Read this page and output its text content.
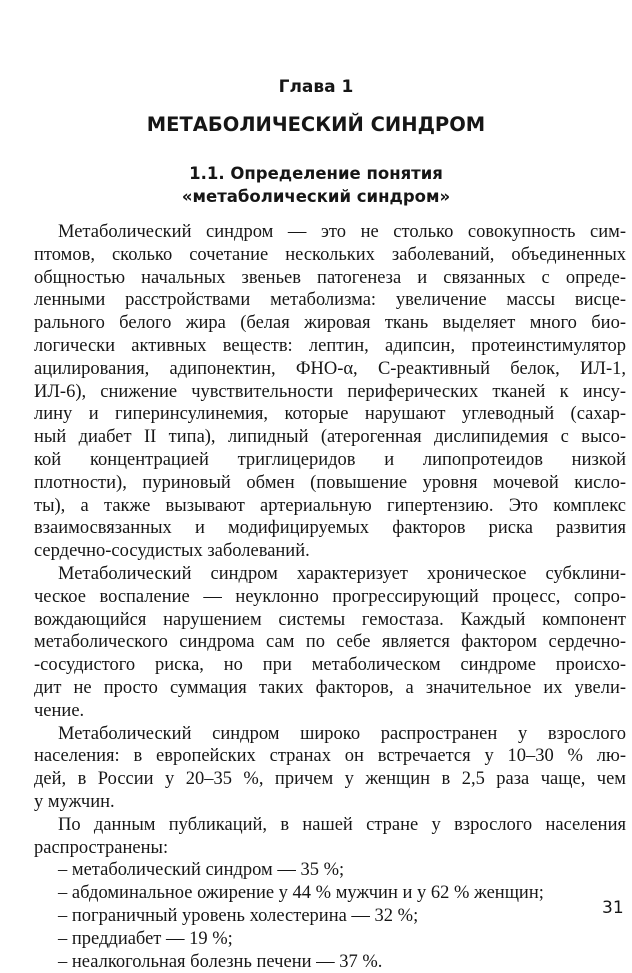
Глава 1
МЕТАБОЛИЧЕСКИЙ СИНДРОМ
1.1. Определение понятия
«метаболический синдром»
Метаболический синдром — это не столько совокупность сим-
птомов, сколько сочетание нескольких заболеваний, объединенных
общностью начальных звеньев патогенеза и связанных с опреде-
ленными расстройствами метаболизма: увеличение массы висце-
рального белого жира (белая жировая ткань выделяет много био-
логически активных веществ: лептин, адипсин, протеинстимулятор
ацилирования, адипонектин, ФНО-α, С-реактивный белок, ИЛ-1,
ИЛ-6), снижение чувствительности периферических тканей к инсу-
лину и гиперинсулинемия, которые нарушают углеводный (сахар-
ный диабет II типа), липидный (атерогенная дислипидемия с высо-
кой концентрацией триглицеридов и липопротеидов низкой
плотности), пуриновый обмен (повышение уровня мочевой кисло-
ты), а также вызывают артериальную гипертензию. Это комплекс
взаимосвязанных и модифицируемых факторов риска развития
сердечно-сосудистых заболеваний.
Метаболический синдром характеризует хроническое субклини-
ческое воспаление — неуклонно прогрессирующий процесс, сопро-
вождающийся нарушением системы гемостаза. Каждый компонент
метаболического синдрома сам по себе является фактором сердечно-
-сосудистого риска, но при метаболическом синдроме происхо-
дит не просто суммация таких факторов, а значительное их увели-
чение.
Метаболический синдром широко распространен у взрослого
населения: в европейских странах он встречается у 10–30 % лю-
дей, в России у 20–35 %, причем у женщин в 2,5 раза чаще, чем
у мужчин.
По данным публикаций, в нашей стране у взрослого населения
распространены:
– метаболический синдром — 35 %;
– абдоминальное ожирение у 44 % мужчин и у 62 % женщин;
– пограничный уровень холестерина — 32 %;
– преддиабет — 19 %;
– неалкогольная болезнь печени — 37 %.
31
